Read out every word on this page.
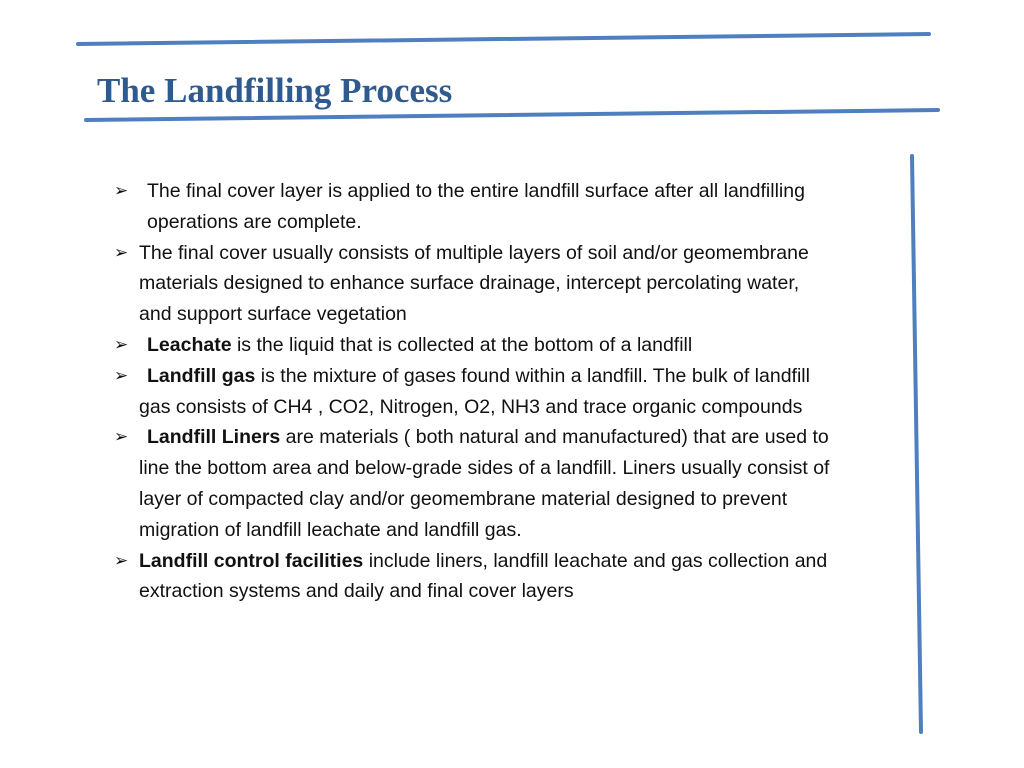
The Landfilling Process
➢ The final cover layer is applied to the entire landfill surface after all landfilling operations are complete.
➢ The final cover usually consists of multiple layers of soil and/or geomembrane materials designed to enhance surface drainage, intercept percolating water, and support surface vegetation
➢ Leachate is the liquid that is collected at the bottom of a landfill
➢ Landfill gas is the mixture of gases found within a landfill. The bulk of landfill gas consists of CH4 , CO2, Nitrogen, O2, NH3 and trace organic compounds
➢ Landfill Liners are materials ( both natural and manufactured) that are used to line the bottom area and below-grade sides of a landfill. Liners usually consist of layer of compacted clay and/or geomembrane material designed to prevent migration of landfill leachate and landfill gas.
➢ Landfill control facilities include liners, landfill leachate and gas collection and extraction systems and daily and final cover layers
